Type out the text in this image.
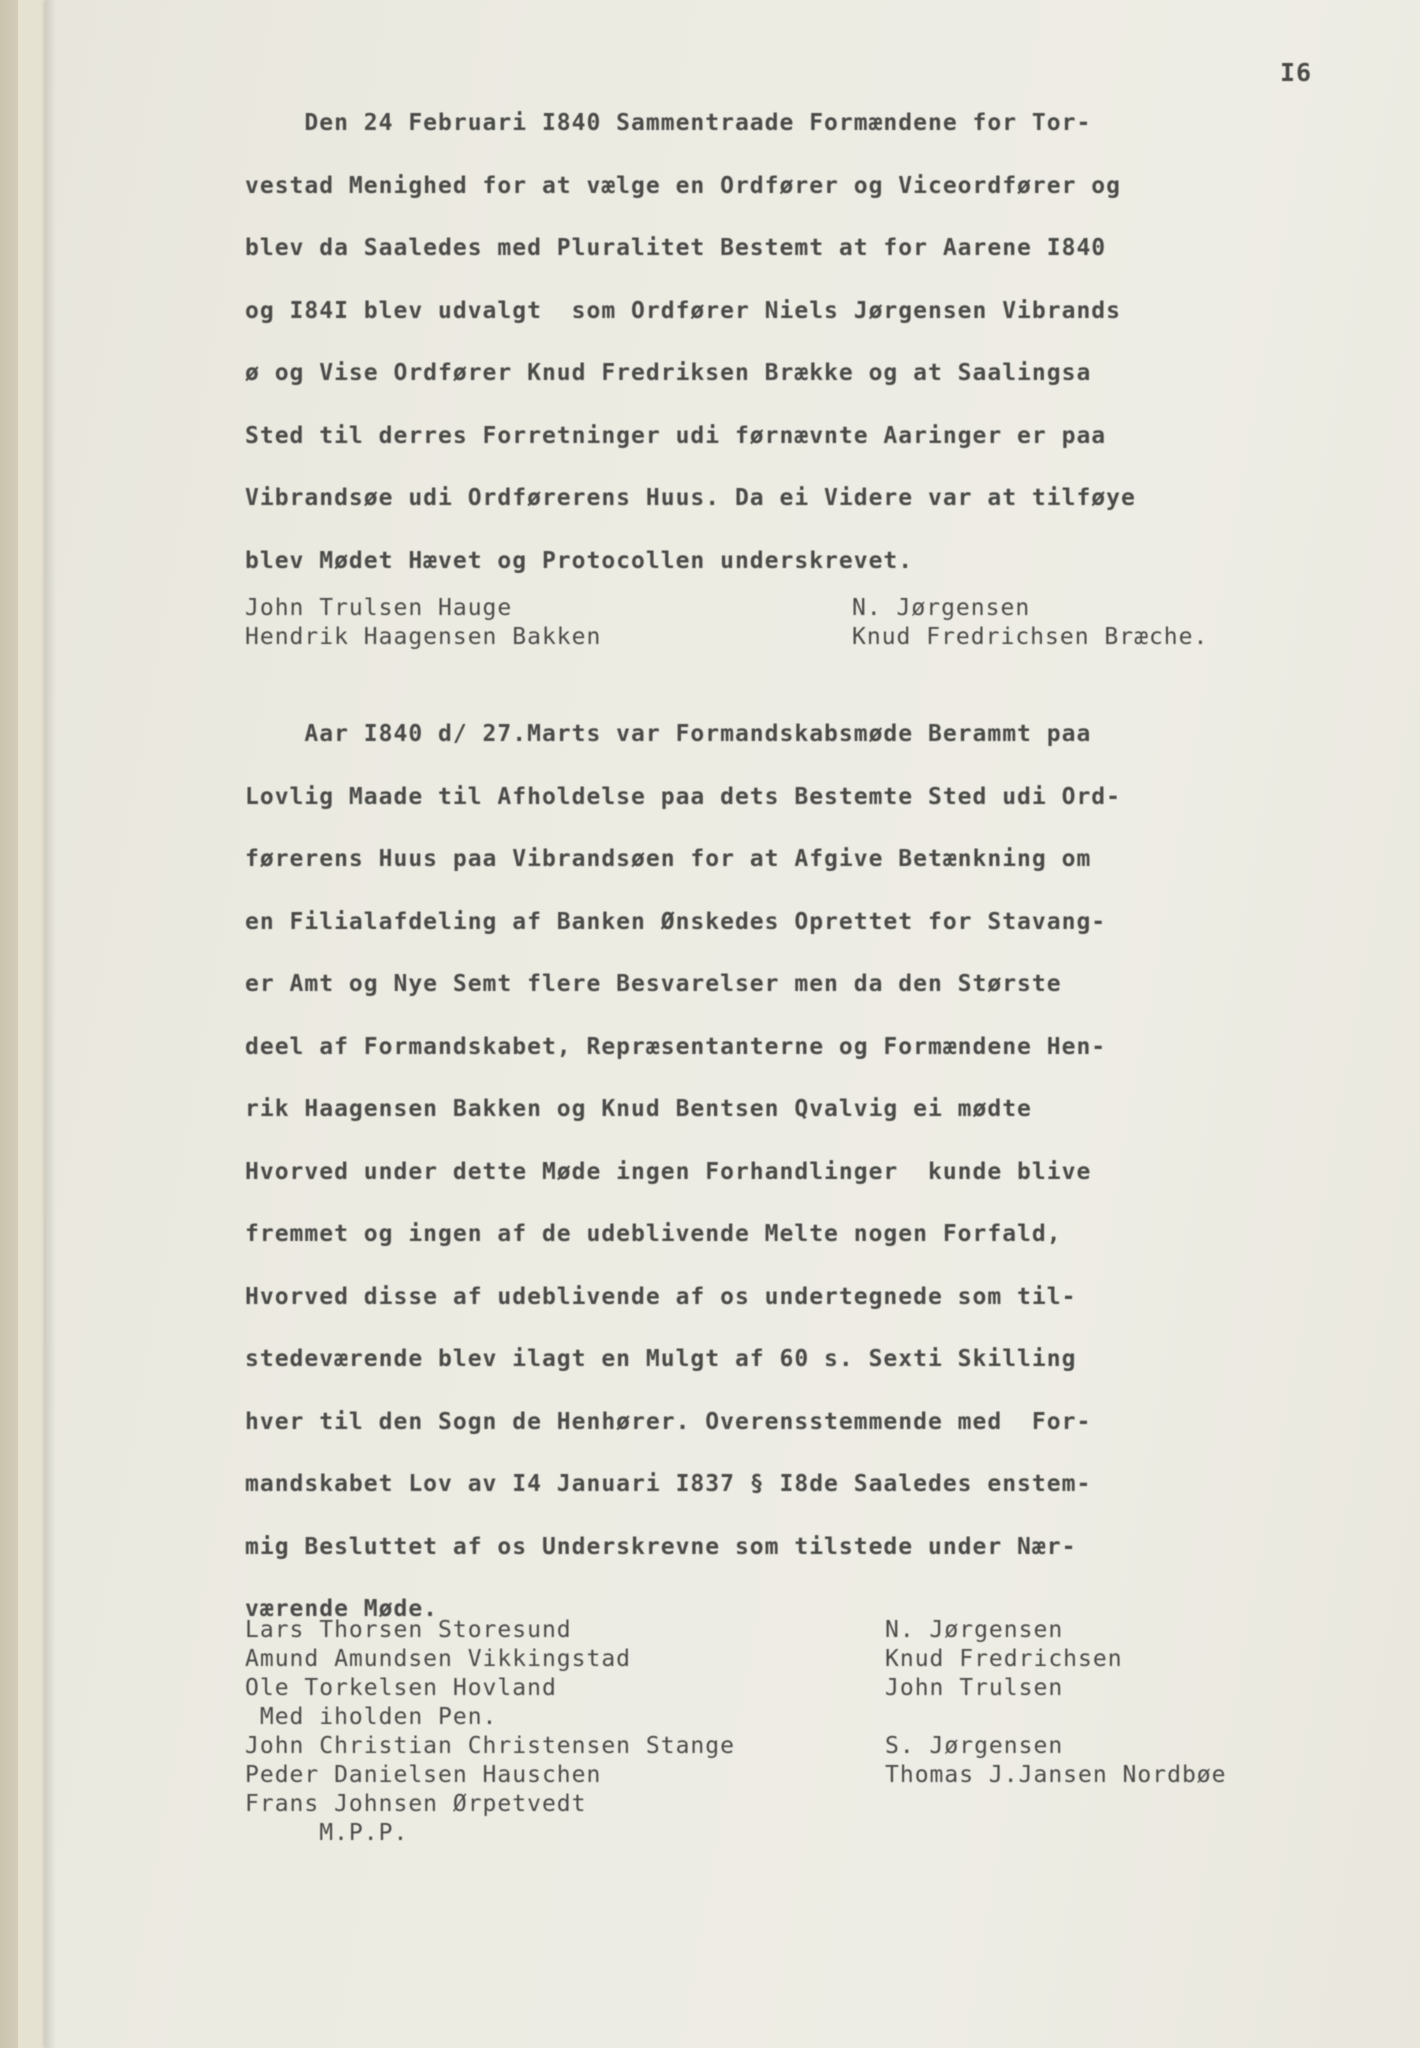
I6
Den 24 Februari I840 Sammentraade Formændene for Tor-
vestad Menighed for at vælge en Ordfører og Viceordfører og
blev da Saaledes med Pluralitet Bestemt at for Aarene I840
og I84I blev udvalgt  som Ordfører Niels Jørgensen Vibrands
ø og Vise Ordfører Knud Fredriksen Brække og at Saalingsa
Sted til derres Forretninger udi førnævnte Aaringer er paa
Vibrandsøe udi Ordførerens Huus. Da ei Videre var at tilføye
blev Mødet Hævet og Protocollen underskrevet.
John Trulsen Hauge
Hendrik Haagensen Bakken
N. Jørgensen
Knud Fredrichsen Bræche.
Aar I840 d/ 27.Marts var Formandskabsmøde Berammt paa
Lovlig Maade til Afholdelse paa dets Bestemte Sted udi Ord-
førerens Huus paa Vibrandsøen for at Afgive Betænkning om
en Filialafdeling af Banken Ønskedes Oprettet for Stavang-
er Amt og Nye Semt flere Besvarelser men da den Største
deel af Formandskabet, Repræsentanterne og Formændene Hen-
rik Haagensen Bakken og Knud Bentsen Qvalvig ei mødte
Hvorved under dette Møde ingen Forhandlinger  kunde blive
fremmet og ingen af de udeblivende Melte nogen Forfald,
Hvorved disse af udeblivende af os undertegnede som til-
stedeværende blev ilagt en Mulgt af 60 s. Sexti Skilling
hver til den Sogn de Henhører. Overensstemmende med  For-
mandskabet Lov av I4 Januari I837 § I8de Saaledes enstem-
mig Besluttet af os Underskrevne som tilstede under Nær-
værende Møde.
Lars Thorsen Storesund
Amund Amundsen Vikkingstad
Ole Torkelsen Hovland
Med iholden Pen.
John Christian Christensen Stange
Peder Danielsen Hauschen
Frans Johnsen Ørpetvedt
M.P.P.
N. Jørgensen
Knud Fredrichsen
John Trulsen

S. Jørgensen
Thomas J.Jansen Nordbøe
